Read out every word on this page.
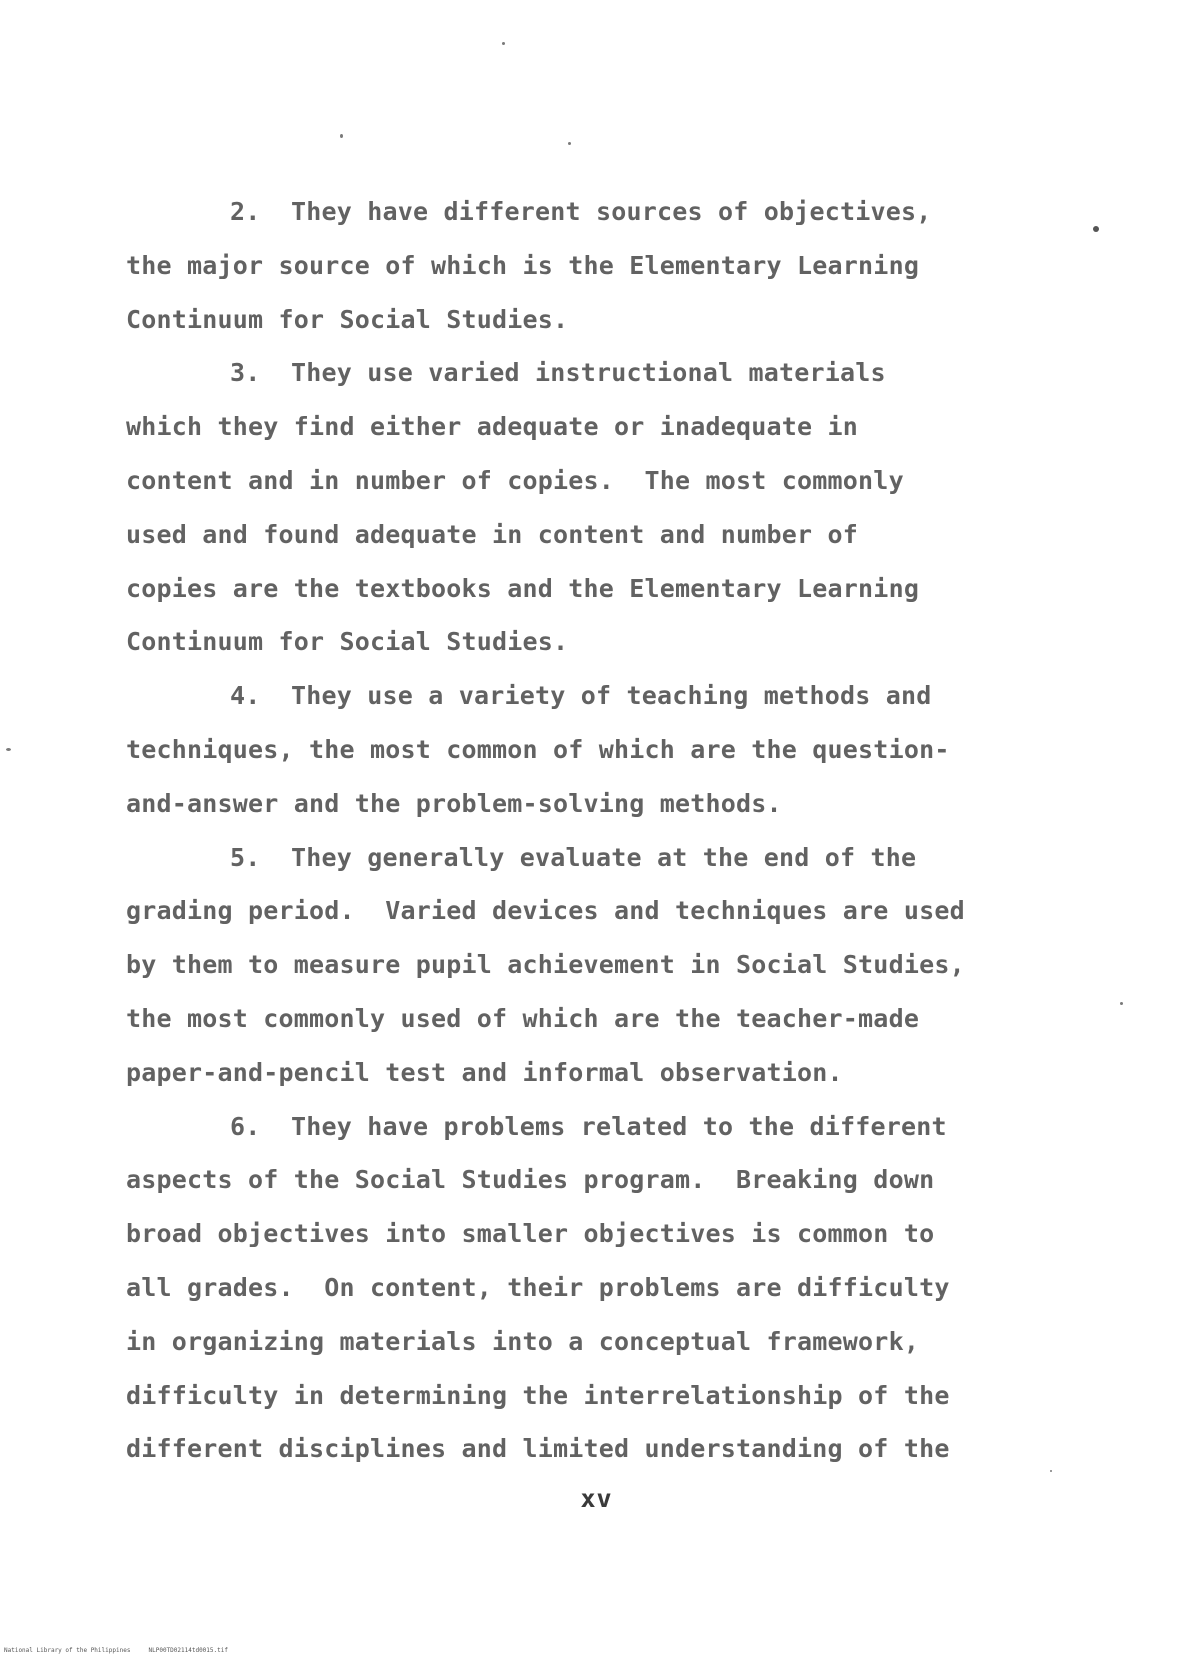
2.  They have different sources of objectives,
the major source of which is the Elementary Learning
Continuum for Social Studies.
3.  They use varied instructional materials
which they find either adequate or inadequate in
content and in number of copies.  The most commonly
used and found adequate in content and number of
copies are the textbooks and the Elementary Learning
Continuum for Social Studies.
4.  They use a variety of teaching methods and
techniques, the most common of which are the question-
and-answer and the problem-solving methods.
5.  They generally evaluate at the end of the
grading period.  Varied devices and techniques are used
by them to measure pupil achievement in Social Studies,
the most commonly used of which are the teacher-made
paper-and-pencil test and informal observation.
6.  They have problems related to the different
aspects of the Social Studies program.  Breaking down
broad objectives into smaller objectives is common to
all grades.  On content, their problems are difficulty
in organizing materials into a conceptual framework,
difficulty in determining the interrelationship of the
different disciplines and limited understanding of the
xv
National Library of the Philippines     NLP00TD02114td0015.tif
